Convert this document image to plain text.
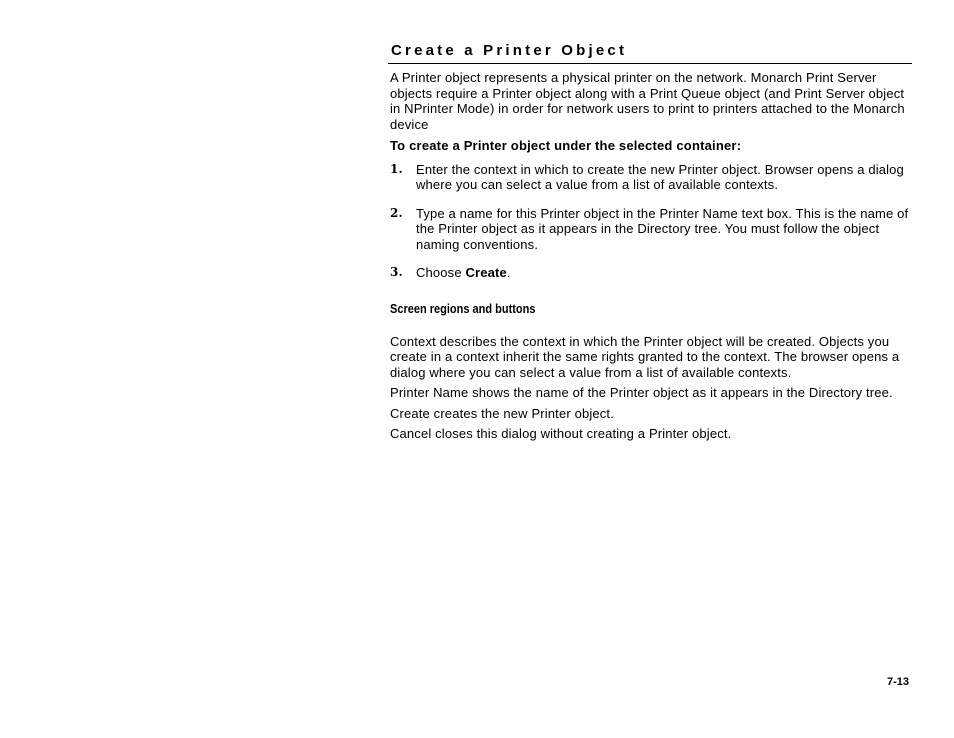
Create a Printer Object

A Printer object represents a physical printer on the network. Monarch Print Server objects require a Printer object along with a Print Queue object (and Print Server object in NPrinter Mode) in order for network users to print to printers attached to the Monarch device

To create a Printer object under the selected container:

1. Enter the context in which to create the new Printer object. Browser opens a dialog where you can select a value from a list of available contexts.
2. Type a name for this Printer object in the Printer Name text box. This is the name of the Printer object as it appears in the Directory tree. You must follow the object naming conventions.
3. Choose Create.
Screen regions and buttons

Context describes the context in which the Printer object will be created. Objects you create in a context inherit the same rights granted to the context. The browser opens a dialog where you can select a value from a list of available contexts.

Printer Name shows the name of the Printer object as it appears in the Directory tree.

Create creates the new Printer object.

Cancel closes this dialog without creating a Printer object.

7-13
